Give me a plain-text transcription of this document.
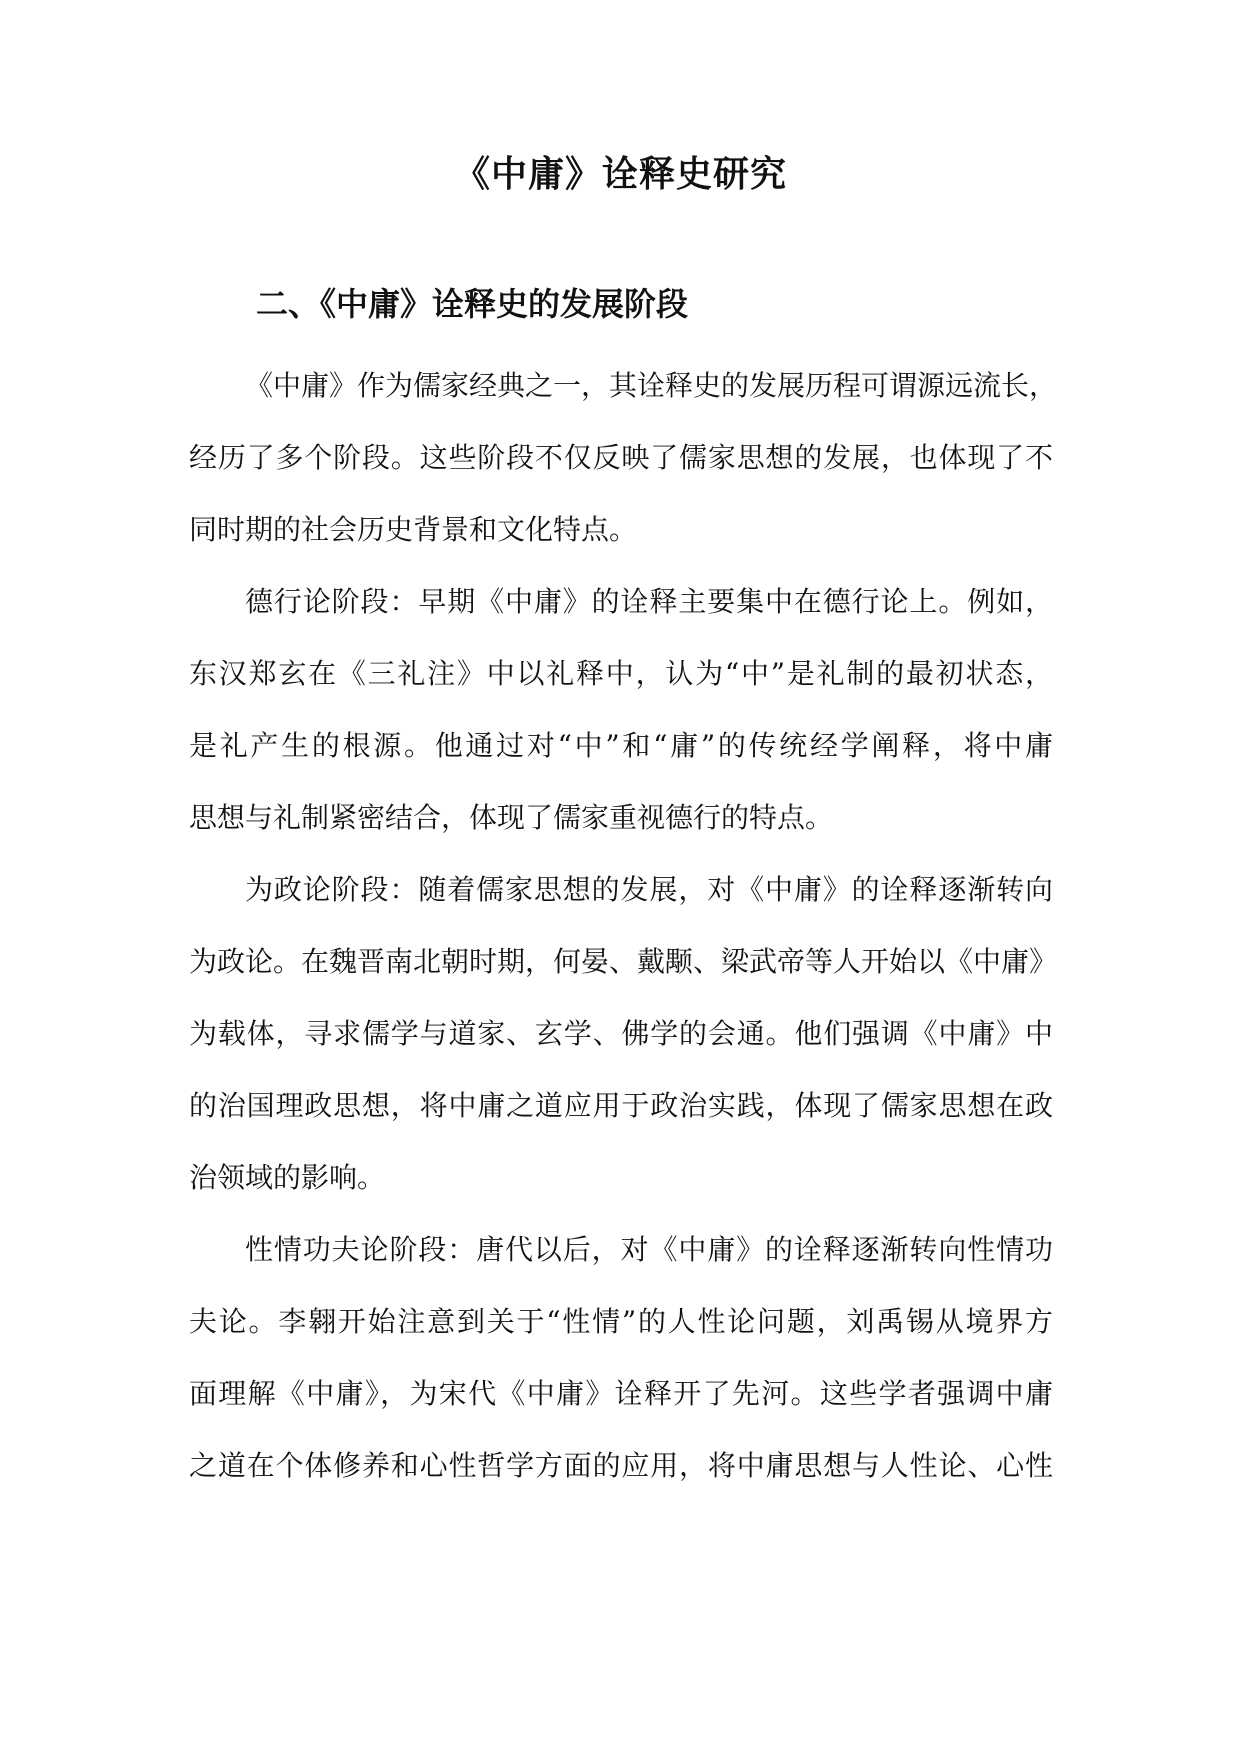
《中庸》诠释史研究
二、《中庸》诠释史的发展阶段

《中庸》作为儒家经典之一，其诠释史的发展历程可谓源远流长，
经历了多个阶段。这些阶段不仅反映了儒家思想的发展，也体现了不
同时期的社会历史背景和文化特点。

德行论阶段：早期《中庸》的诠释主要集中在德行论上。例如，
东汉郑玄在《三礼注》中以礼释中，认为“中”是礼制的最初状态，
是礼产生的根源。他通过对“中”和“庸”的传统经学阐释，将中庸
思想与礼制紧密结合，体现了儒家重视德行的特点。

为政论阶段：随着儒家思想的发展，对《中庸》的诠释逐渐转向
为政论。在魏晋南北朝时期，何晏、戴颙、梁武帝等人开始以《中庸》
为载体，寻求儒学与道家、玄学、佛学的会通。他们强调《中庸》中
的治国理政思想，将中庸之道应用于政治实践，体现了儒家思想在政
治领域的影响。

性情功夫论阶段：唐代以后，对《中庸》的诠释逐渐转向性情功
夫论。李翱开始注意到关于“性情”的人性论问题，刘禹锡从境界方
面理解《中庸》，为宋代《中庸》诠释开了先河。这些学者强调中庸
之道在个体修养和心性哲学方面的应用，将中庸思想与人性论、心性
